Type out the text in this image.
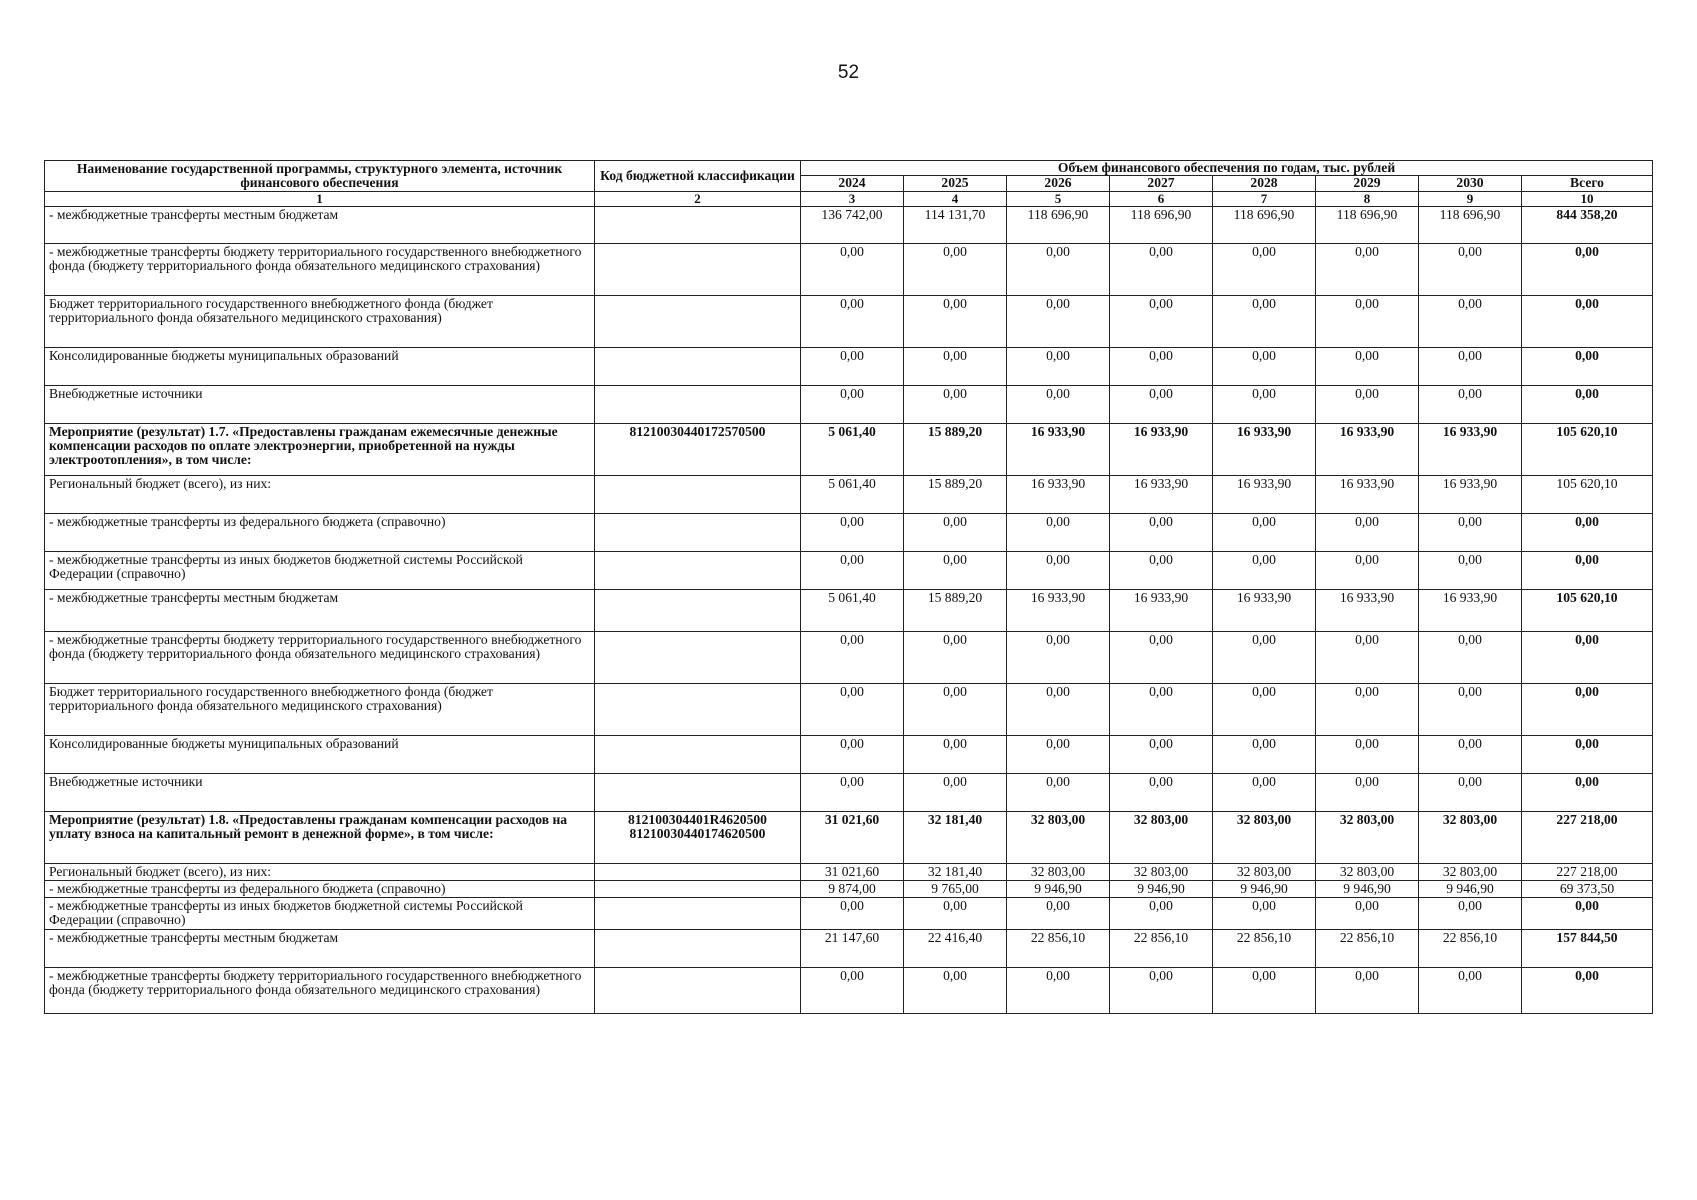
52
Наименование государственной программы, структурного элемента, источник финансового обеспечения	Код бюджетной классификации	Объем финансового обеспечения по годам, тыс. рублей							
		2024	2025	2026	2027	2028	2029	2030	Всего
1	2	3	4	5	6	7	8	9	10
- межбюджетные трансферты местным бюджетам		136 742,00	114 131,70	118 696,90	118 696,90	118 696,90	118 696,90	118 696,90	844 358,20
- межбюджетные трансферты бюджету территориального государственного внебюджетного фонда (бюджету территориального фонда обязательного медицинского страхования)		0,00	0,00	0,00	0,00	0,00	0,00	0,00	0,00
Бюджет территориального государственного внебюджетного фонда (бюджет территориального фонда обязательного медицинского страхования)		0,00	0,00	0,00	0,00	0,00	0,00	0,00	0,00
Консолидированные бюджеты муниципальных образований		0,00	0,00	0,00	0,00	0,00	0,00	0,00	0,00
Внебюджетные источники		0,00	0,00	0,00	0,00	0,00	0,00	0,00	0,00
Мероприятие (результат) 1.7. «Предоставлены гражданам ежемесячные денежные компенсации расходов по оплате электроэнергии, приобретенной на нужды электроотопления», в том числе:	81210030440172570500	5 061,40	15 889,20	16 933,90	16 933,90	16 933,90	16 933,90	16 933,90	105 620,10
Региональный бюджет (всего), из них:		5 061,40	15 889,20	16 933,90	16 933,90	16 933,90	16 933,90	16 933,90	105 620,10
- межбюджетные трансферты из федерального бюджета (справочно)		0,00	0,00	0,00	0,00	0,00	0,00	0,00	0,00
- межбюджетные трансферты из иных бюджетов бюджетной системы Российской Федерации (справочно)		0,00	0,00	0,00	0,00	0,00	0,00	0,00	0,00
- межбюджетные трансферты местным бюджетам		5 061,40	15 889,20	16 933,90	16 933,90	16 933,90	16 933,90	16 933,90	105 620,10
- межбюджетные трансферты бюджету территориального государственного внебюджетного фонда (бюджету территориального фонда обязательного медицинского страхования)		0,00	0,00	0,00	0,00	0,00	0,00	0,00	0,00
Бюджет территориального государственного внебюджетного фонда (бюджет территориального фонда обязательного медицинского страхования)		0,00	0,00	0,00	0,00	0,00	0,00	0,00	0,00
Консолидированные бюджеты муниципальных образований		0,00	0,00	0,00	0,00	0,00	0,00	0,00	0,00
Внебюджетные источники		0,00	0,00	0,00	0,00	0,00	0,00	0,00	0,00
Мероприятие (результат) 1.8. «Предоставлены гражданам компенсации расходов на уплату взноса на капитальный ремонт в денежной форме», в том числе:	812100304401R4620500 81210030440174620500	31 021,60	32 181,40	32 803,00	32 803,00	32 803,00	32 803,00	32 803,00	227 218,00
Региональный бюджет (всего), из них:		31 021,60	32 181,40	32 803,00	32 803,00	32 803,00	32 803,00	32 803,00	227 218,00
- межбюджетные трансферты из федерального бюджета (справочно)		9 874,00	9 765,00	9 946,90	9 946,90	9 946,90	9 946,90	9 946,90	69 373,50
- межбюджетные трансферты из иных бюджетов бюджетной системы Российской Федерации (справочно)		0,00	0,00	0,00	0,00	0,00	0,00	0,00	0,00
- межбюджетные трансферты местным бюджетам		21 147,60	22 416,40	22 856,10	22 856,10	22 856,10	22 856,10	22 856,10	157 844,50
- межбюджетные трансферты бюджету территориального государственного внебюджетного фонда (бюджету территориального фонда обязательного медицинского страхования)		0,00	0,00	0,00	0,00	0,00	0,00	0,00	0,00
